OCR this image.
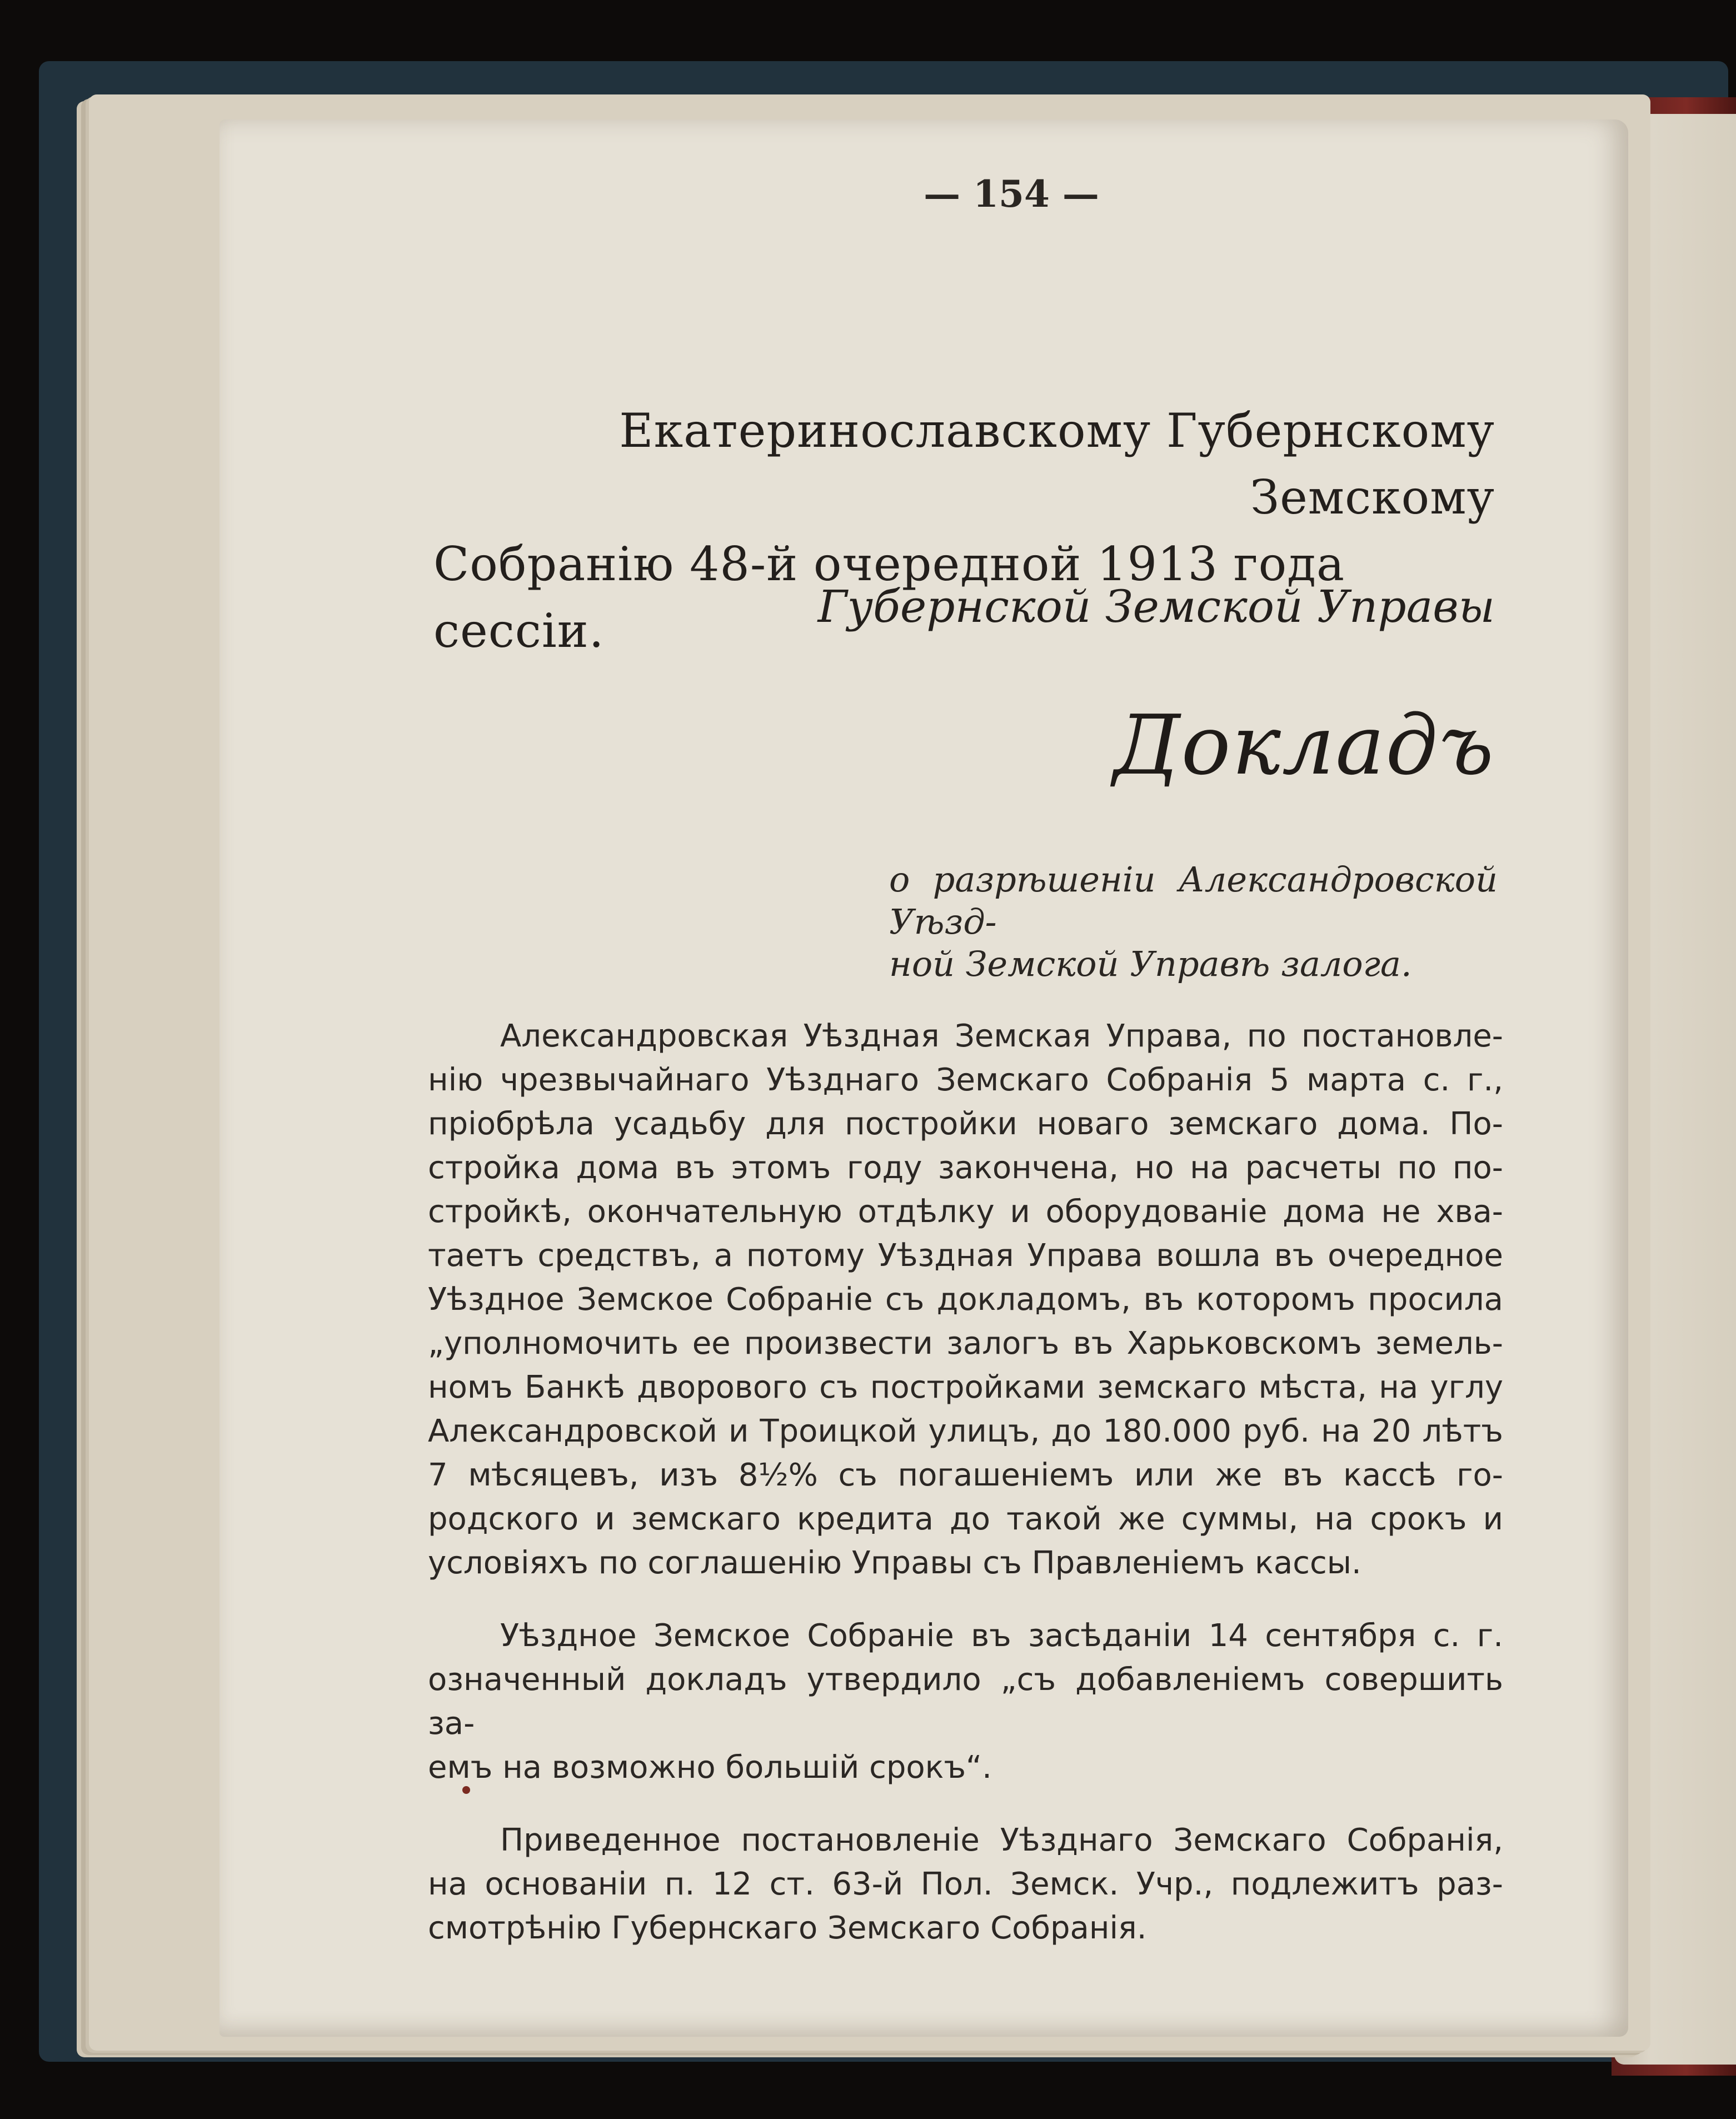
— 154 —
Екатеринославскому Губернскому Земскому
Собранію 48-й очередной 1913 года сессіи.	Губернской Земской Управы
Докладъ
о разрѣшеніи Александровской Уѣзд-
ной Земской Управѣ залога.

Александровская Уѣздная Земская Управа, по постановле-
нію чрезвычайнаго Уѣзднаго Земскаго Собранія 5 марта с. г.,
пріобрѣла усадьбу для постройки новаго земскаго дома. По-
стройка дома въ этомъ году закончена, но на расчеты по по-
стройкѣ, окончательную отдѣлку и оборудованіе дома не хва-
таетъ средствъ, а потому Уѣздная Управа вошла въ очередное
Уѣздное Земское Собраніе съ докладомъ, въ которомъ просила
„уполномочить ее произвести залогъ въ Харьковскомъ земель-
номъ Банкѣ дворового съ постройками земскаго мѣста, на углу
Александровской и Троицкой улицъ, до 180.000 руб. на 20 лѣтъ
7 мѣсяцевъ, изъ 8½% съ погашеніемъ или же въ кассѣ го-
родского и земскаго кредита до такой же суммы, на срокъ и
условіяхъ по соглашенію Управы съ Правленіемъ кассы.

Уѣздное Земское Собраніе въ засѣданіи 14 сентября с. г.
означенный докладъ утвердило „съ добавленіемъ совершить за-
емъ на возможно большій срокъ“.

Приведенное постановленіе Уѣзднаго Земскаго Собранія,
на основаніи п. 12 ст. 63-й Пол. Земск. Учр., подлежитъ раз-
смотрѣнію Губернскаго Земскаго Собранія.
